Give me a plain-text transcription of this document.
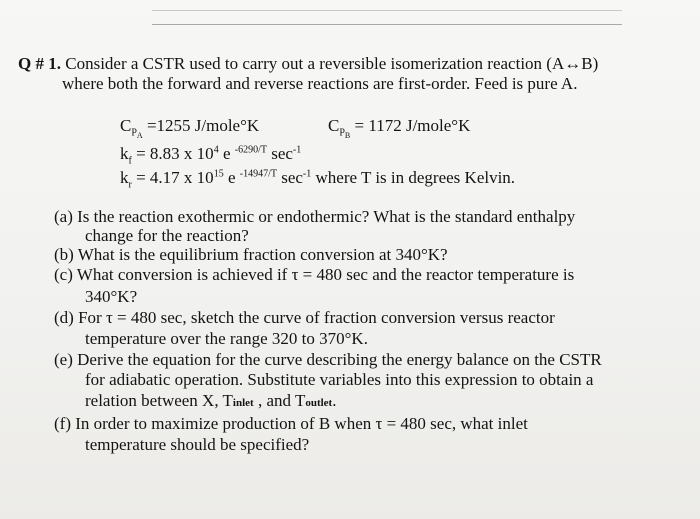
Q # 1. Consider a CSTR used to carry out a reversible isomerization reaction (A↔B)
where both the forward and reverse reactions are first-order. Feed is pure A.
$C_{PA} =1255$ J/mole°K	$C_{PB} = 1172$ J/mole°K
$k_f = 8.83$ x $10^4$ e $^{-6290/T}$ $\sec^{-1}$
$k_r = 4.17$ x $10^{15}$ e $^{-14947/T}$ $\sec^{-1}$ where T is in degrees Kelvin.
(a) Is the reaction exothermic or endothermic? What is the standard enthalpy
change for the reaction?
(b) What is the equilibrium fraction conversion at 340°K?
(c) What conversion is achieved if τ = 480 sec and the reactor temperature is
340°K?
(d) For τ = 480 sec, sketch the curve of fraction conversion versus reactor
temperature over the range 320 to 370°K.
(e) Derive the equation for the curve describing the energy balance on the CSTR
for adiabatic operation. Substitute variables into this expression to obtain a
relation between X, Tinlet , and Toutlet.
(f) In order to maximize production of B when τ = 480 sec, what inlet
temperature should be specified?
